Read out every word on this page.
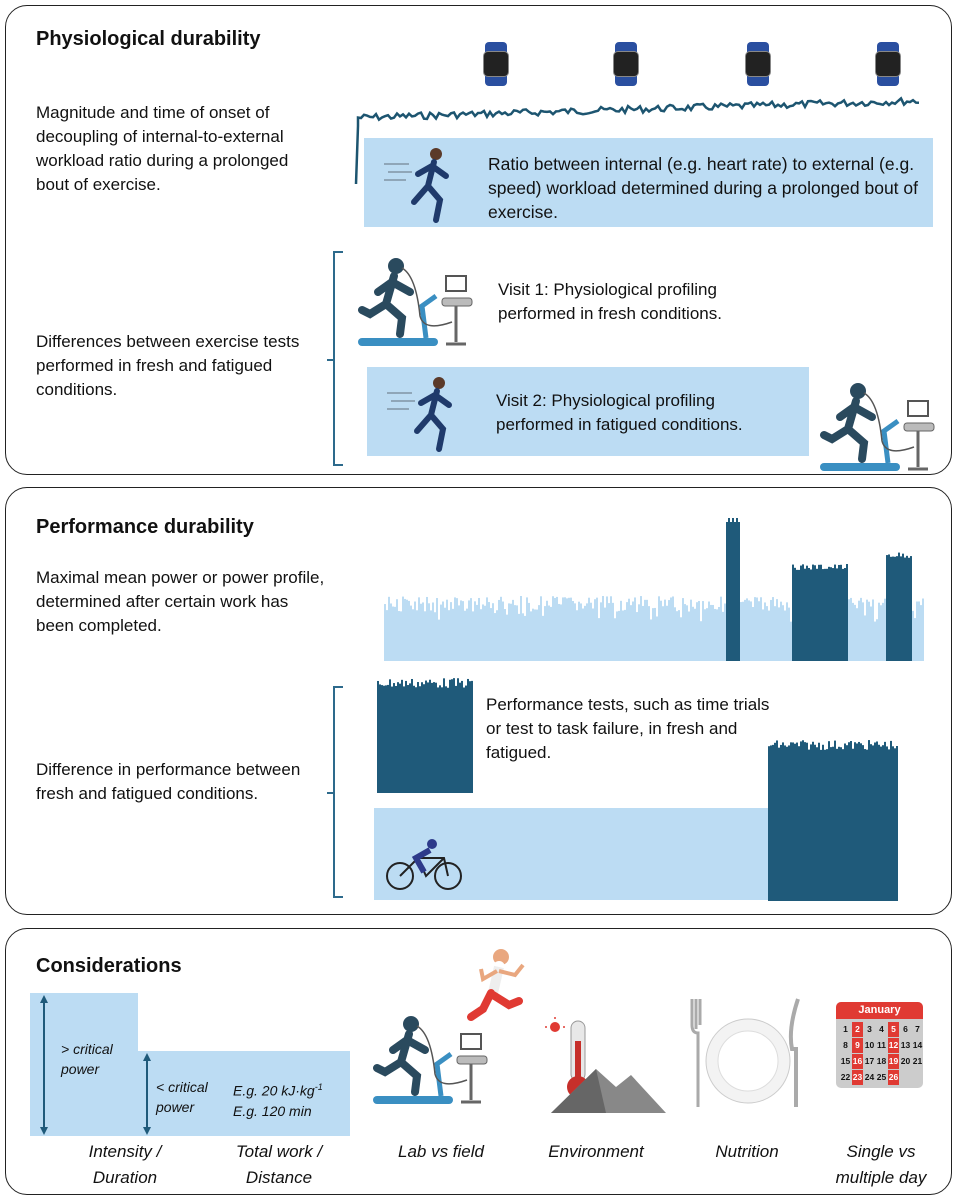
Physiological durability
Magnitude and time of onset of decoupling of internal-to-external workload ratio during a prolonged bout of exercise.
Ratio between internal (e.g. heart rate) to external (e.g. speed) workload determined during a prolonged bout of exercise.
Differences between exercise tests performed in fresh and fatigued conditions.
Visit 1: Physiological profiling performed in fresh conditions.
Visit 2: Physiological profiling performed in fatigued conditions.
Performance durability
Maximal mean power or power profile, determined after certain work has been completed.
Performance tests, such as time trials or test to task failure, in fresh and fatigued.
Difference in performance between fresh and fatigued conditions.
Considerations
> critical power
< critical power
E.g. 20 $kJ\cdot kg^{-1}$
E.g. 120 min
Intensity /
Duration
Total work /
Distance
Lab vs field	Environment	Nutrition
January
1 2 3 4 5 6 7
8 9 10 11 12 13 14
15 16 17 18 19 20 21
22 23 24 25 26
Single vs
multiple day
